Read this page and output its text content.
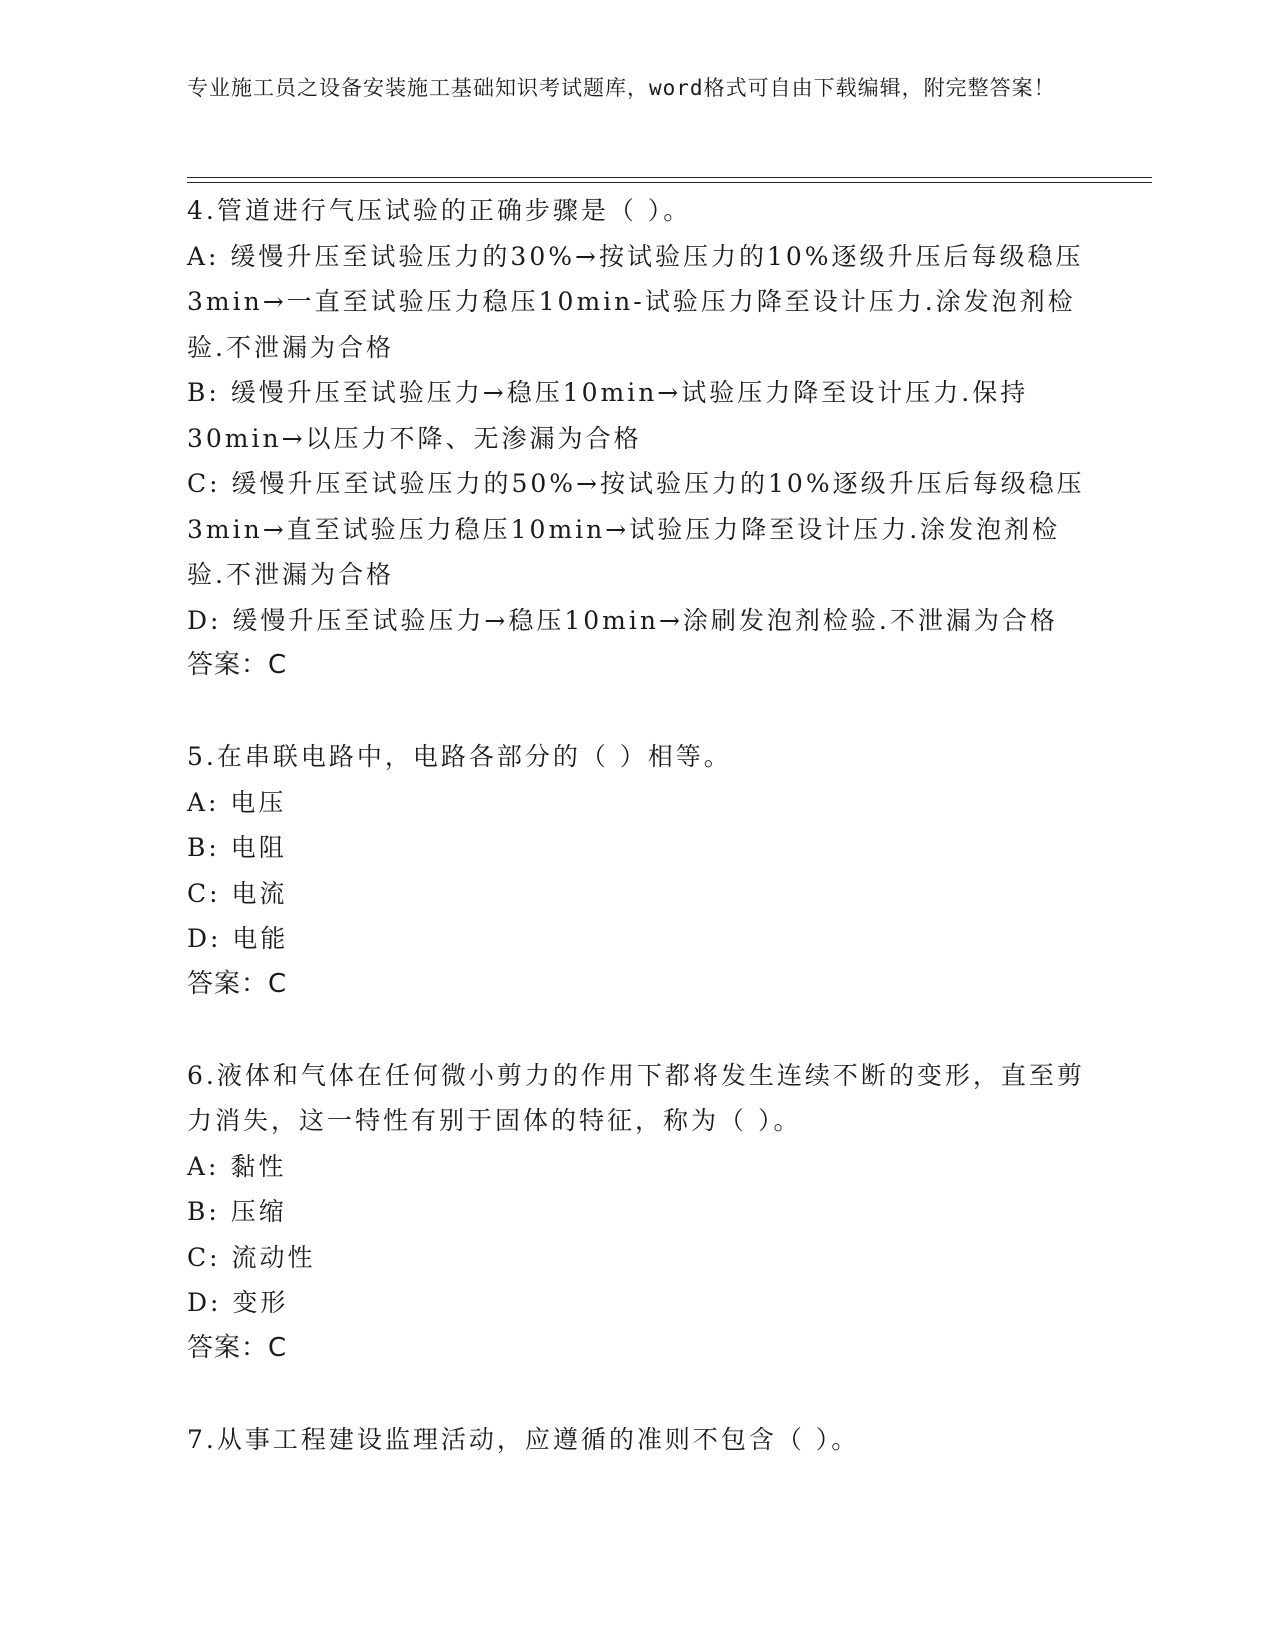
专业施工员之设备安装施工基础知识考试题库，word格式可自由下载编辑，附完整答案！
4.管道进行气压试验的正确步骤是（ ）。
A: 缓慢升压至试验压力的30%→按试验压力的10%逐级升压后每级稳压3min→一直至试验压力稳压10min-试验压力降至设计压力.涂发泡剂检验.不泄漏为合格
B: 缓慢升压至试验压力→稳压10min→试验压力降至设计压力.保持30min→以压力不降、无渗漏为合格
C: 缓慢升压至试验压力的50%→按试验压力的10%逐级升压后每级稳压3min→直至试验压力稳压10min→试验压力降至设计压力.涂发泡剂检验.不泄漏为合格
D: 缓慢升压至试验压力→稳压10min→涂刷发泡剂检验.不泄漏为合格
答案：C
5.在串联电路中，电路各部分的（ ）相等。
A: 电压
B: 电阻
C: 电流
D: 电能
答案：C
6.液体和气体在任何微小剪力的作用下都将发生连续不断的变形，直至剪力消失，这一特性有别于固体的特征，称为（ ）。
A: 黏性
B: 压缩
C: 流动性
D: 变形
答案：C
7.从事工程建设监理活动，应遵循的准则不包含（ ）。
